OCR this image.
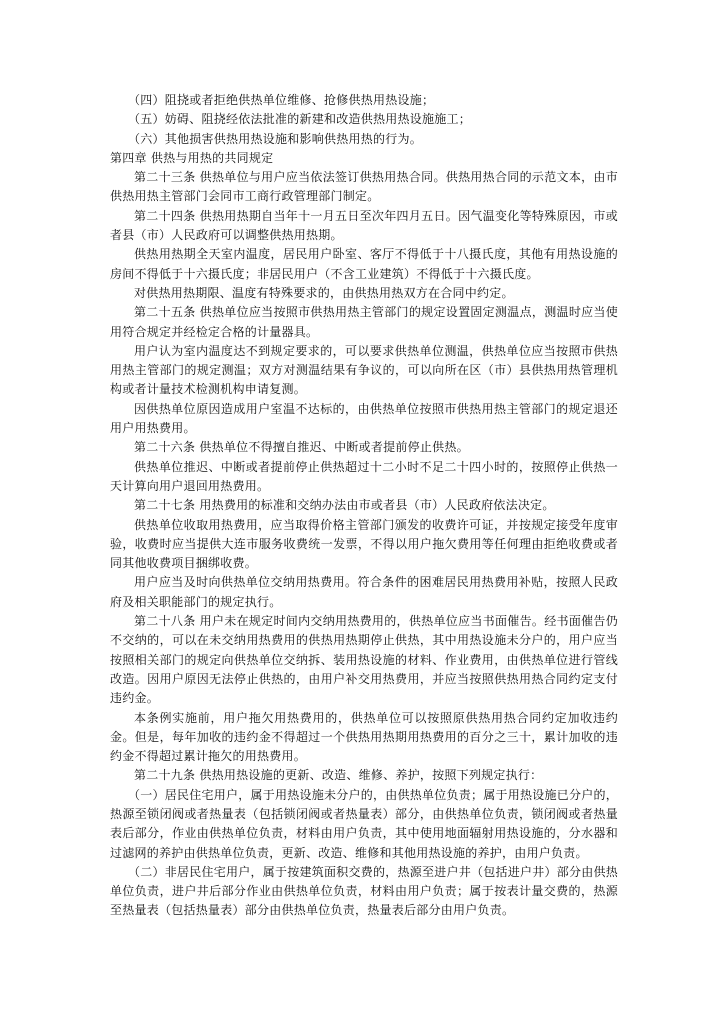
（四）阻挠或者拒绝供热单位维修、抢修供热用热设施；

（五）妨碍、阻挠经依法批准的新建和改造供热用热设施施工；

（六）其他损害供热用热设施和影响供热用热的行为。

第四章 供热与用热的共同规定

第二十三条 供热单位与用户应当依法签订供热用热合同。供热用热合同的示范文本，由市供热用热主管部门会同市工商行政管理部门制定。

第二十四条 供热用热期自当年十一月五日至次年四月五日。因气温变化等特殊原因，市或者县（市）人民政府可以调整供热用热期。

供热用热期全天室内温度，居民用户卧室、客厅不得低于十八摄氏度，其他有用热设施的房间不得低于十六摄氏度；非居民用户（不含工业建筑）不得低于十六摄氏度。

对供热用热期限、温度有特殊要求的，由供热用热双方在合同中约定。

第二十五条 供热单位应当按照市供热用热主管部门的规定设置固定测温点，测温时应当使用符合规定并经检定合格的计量器具。

用户认为室内温度达不到规定要求的，可以要求供热单位测温，供热单位应当按照市供热用热主管部门的规定测温；双方对测温结果有争议的，可以向所在区（市）县供热用热管理机构或者计量技术检测机构申请复测。

因供热单位原因造成用户室温不达标的，由供热单位按照市供热用热主管部门的规定退还用户用热费用。

第二十六条 供热单位不得擅自推迟、中断或者提前停止供热。

供热单位推迟、中断或者提前停止供热超过十二小时不足二十四小时的，按照停止供热一天计算向用户退回用热费用。

第二十七条 用热费用的标准和交纳办法由市或者县（市）人民政府依法决定。

供热单位收取用热费用，应当取得价格主管部门颁发的收费许可证，并按规定接受年度审验，收费时应当提供大连市服务收费统一发票，不得以用户拖欠费用等任何理由拒绝收费或者同其他收费项目捆绑收费。

用户应当及时向供热单位交纳用热费用。符合条件的困难居民用热费用补贴，按照人民政府及相关职能部门的规定执行。

第二十八条 用户未在规定时间内交纳用热费用的，供热单位应当书面催告。经书面催告仍不交纳的，可以在未交纳用热费用的供热用热期停止供热，其中用热设施未分户的，用户应当按照相关部门的规定向供热单位交纳拆、装用热设施的材料、作业费用，由供热单位进行管线改造。因用户原因无法停止供热的，由用户补交用热费用，并应当按照供热用热合同约定支付违约金。

本条例实施前，用户拖欠用热费用的，供热单位可以按照原供热用热合同约定加收违约金。但是，每年加收的违约金不得超过一个供热用热期用热费用的百分之三十，累计加收的违约金不得超过累计拖欠的用热费用。

第二十九条 供热用热设施的更新、改造、维修、养护，按照下列规定执行：

（一）居民住宅用户，属于用热设施未分户的，由供热单位负责；属于用热设施已分户的，热源至锁闭阀或者热量表（包括锁闭阀或者热量表）部分，由供热单位负责，锁闭阀或者热量表后部分，作业由供热单位负责，材料由用户负责，其中使用地面辐射用热设施的，分水器和过滤网的养护由供热单位负责，更新、改造、维修和其他用热设施的养护，由用户负责。

（二）非居民住宅用户，属于按建筑面积交费的，热源至进户井（包括进户井）部分由供热单位负责，进户井后部分作业由供热单位负责，材料由用户负责；属于按表计量交费的，热源至热量表（包括热量表）部分由供热单位负责，热量表后部分由用户负责。
